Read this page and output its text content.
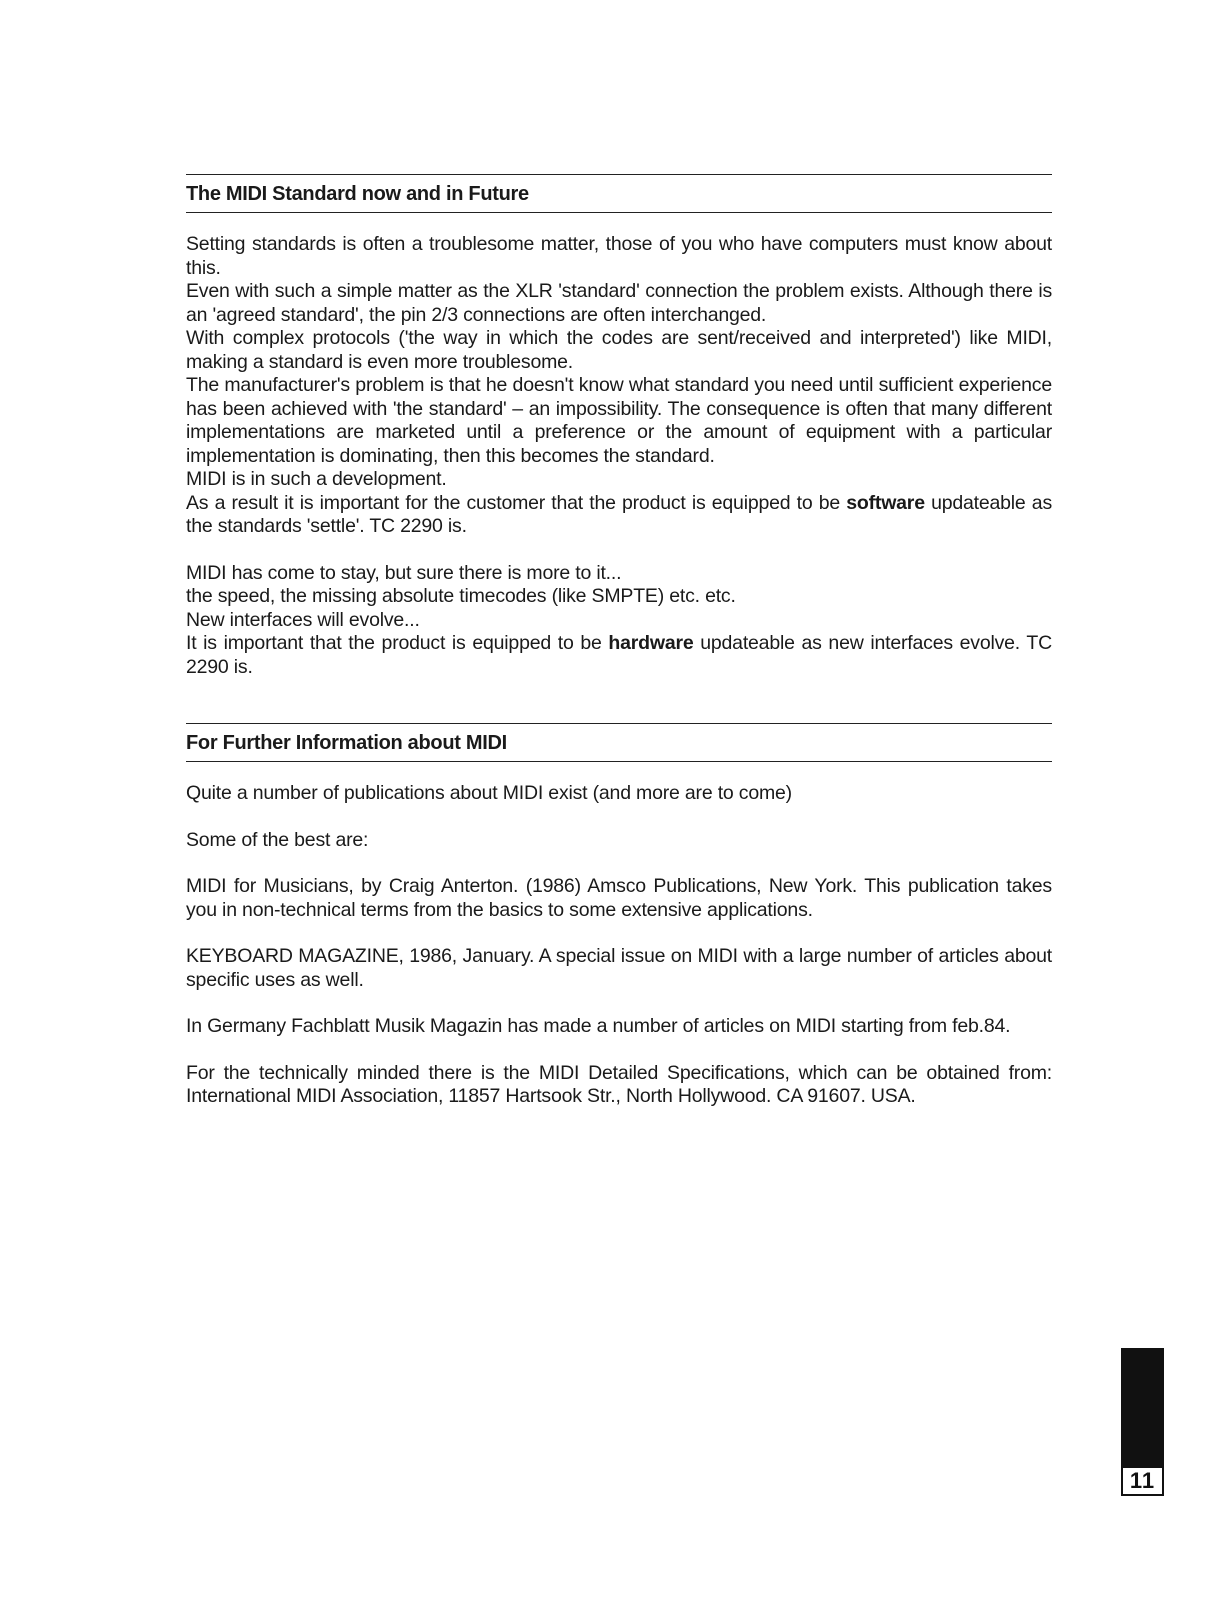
The MIDI Standard now and in Future

Setting standards is often a troublesome matter, those of you who have computers must know about this.

Even with such a simple matter as the XLR 'standard' connection the problem exists. Although there is an 'agreed standard', the pin 2/3 connections are often interchanged.

With complex protocols ('the way in which the codes are sent/received and interpreted') like MIDI, making a standard is even more troublesome.

The manufacturer's problem is that he doesn't know what standard you need until sufficient experience has been achieved with 'the standard' – an impossibility. The consequence is often that many different implementations are marketed until a preference or the amount of equipment with a particular implementation is dominating, then this becomes the standard.

MIDI is in such a development.

As a result it is important for the customer that the product is equipped to be software updateable as the standards 'settle'. TC 2290 is.

MIDI has come to stay, but sure there is more to it...

the speed, the missing absolute timecodes (like SMPTE) etc. etc.

New interfaces will evolve...

It is important that the product is equipped to be hardware updateable as new interfaces evolve. TC 2290 is.

For Further Information about MIDI

Quite a number of publications about MIDI exist (and more are to come)

Some of the best are:

MIDI for Musicians, by Craig Anterton. (1986) Amsco Publications, New York. This publication takes you in non-technical terms from the basics to some extensive applications.

KEYBOARD MAGAZINE, 1986, January. A special issue on MIDI with a large number of articles about specific uses as well.

In Germany Fachblatt Musik Magazin has made a number of articles on MIDI starting from feb.84.

For the technically minded there is the MIDI Detailed Specifications, which can be obtained from: International MIDI Association, 11857 Hartsook Str., North Hollywood. CA 91607. USA.

11
